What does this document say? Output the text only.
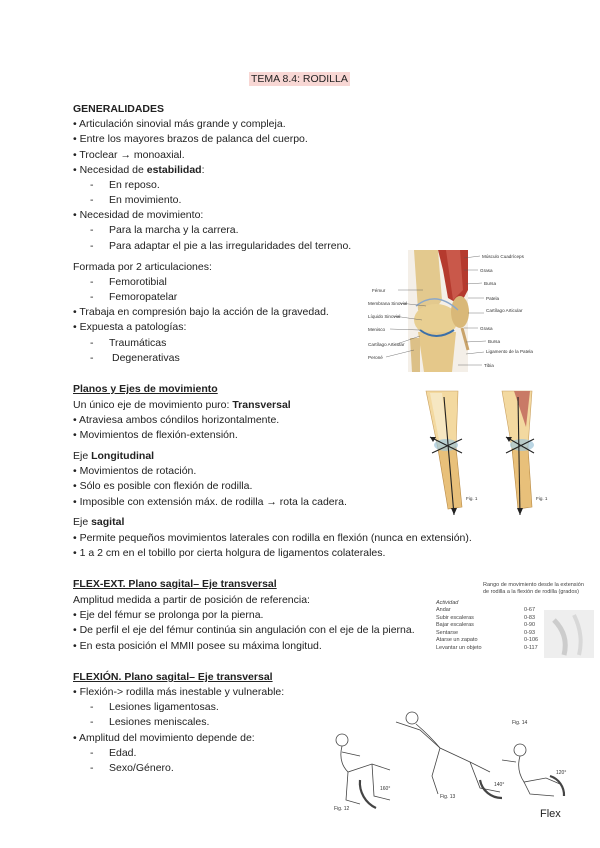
TEMA 8.4: RODILLA
GENERALIDADES
• Articulación sinovial más grande y compleja.
• Entre los mayores brazos de palanca del cuerpo.
• Troclear → monoaxial.
• Necesidad de estabilidad:
- En reposo.
- En movimiento.
• Necesidad de movimiento:
- Para la marcha y la carrera.
- Para adaptar el pie a las irregularidades del terreno.
Formada por 2 articulaciones:
- Femorotibial
- Femoropatelar
• Trabaja en compresión bajo la acción de la gravedad.
• Expuesta a patologías:
- Traumáticas
- Degenerativas
Músculo Cuadríceps
Grasa
Fémur
Bursa
Membrana Sinovial
Patela
Líquido Sinovial
Cartílago Articular
Menisco	Grasa
Cartílago Articular
Bursa
Peroné
Ligamento de la Patela
Tibia
Planos y Ejes de movimiento
Un único eje de movimiento puro: Transversal
• Atraviesa ambos cóndilos horizontalmente.
• Movimientos de flexión-extensión.
Eje Longitudinal
• Movimientos de rotación.
• Sólo es posible con flexión de rodilla.
• Imposible con extensión máx. de rodilla → rota la cadera.
Eje sagital
• Permite pequeños movimientos laterales con rodilla en flexión (nunca en extensión).
• 1 a 2 cm en el tobillo por cierta holgura de ligamentos colaterales.
Fig. 1	Fig. 1
FLEX-EXT. Plano sagital– Eje transversal
Amplitud medida a partir de posición de referencia:
• Eje del fémur se prolonga por la pierna.
• De perfil el eje del fémur continúa sin angulación con el eje de la pierna.
• En esta posición el MMII posee su máxima longitud.
Rango de movimiento desde la extensión de rodilla a la flexión de rodilla (grados)
Actividad
Andar	0-67
Subir escaleras	0-83
Bajar escaleras	0-90
Sentarse	0-93
Atarse un zapato	0-106
Levantar un objeto	0-117
FLEXIÓN. Plano sagital– Eje transversal
• Flexión-> rodilla más inestable y vulnerable:
- Lesiones ligamentosas.
- Lesiones meniscales.
• Amplitud del movimiento depende de:
- Edad.
- Sexo/Género.
Fig. 12
Fig. 13
Fig. 14
160°
140°
120°
Flex
